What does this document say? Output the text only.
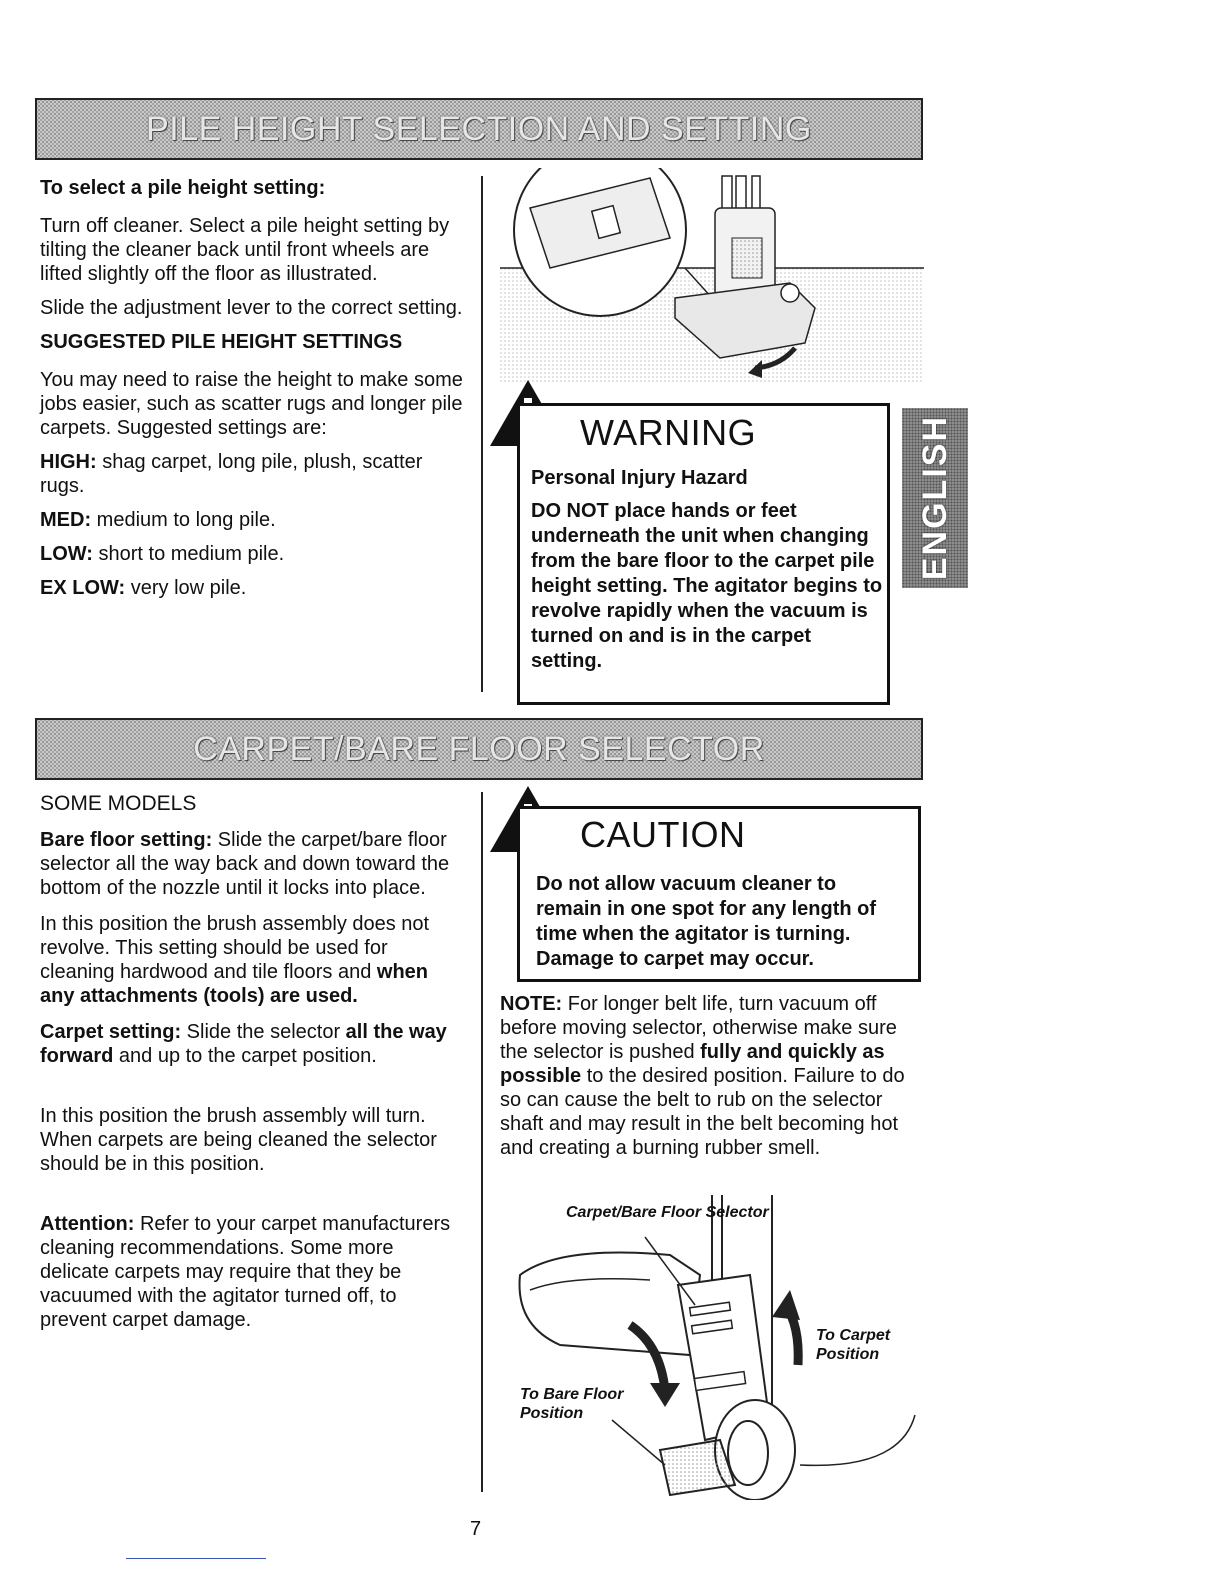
PILE HEIGHT SELECTION AND SETTING

To select a pile height setting:

Turn off cleaner. Select a pile height setting by tilting the cleaner back until front wheels are lifted slightly off the floor as illustrated.

Slide the adjustment lever to the correct setting.

SUGGESTED PILE HEIGHT SETTINGS

You may need to raise the height to make some jobs easier, such as scatter rugs and longer pile carpets. Suggested settings are:

HIGH: shag carpet, long pile, plush, scatter rugs.

MED: medium to long pile.

LOW: short to medium pile.

EX LOW: very low pile.

WARNING
Personal Injury Hazard
DO NOT place hands or feet underneath the unit when changing from the bare floor to the carpet pile height setting. The agitator begins to revolve rapidly when the vacuum is turned on and is in the carpet setting.
ENGLISH
CARPET/BARE FLOOR SELECTOR

SOME MODELS

Bare floor setting: Slide the carpet/bare floor selector all the way back and down toward the bottom of the nozzle until it locks into place.

In this position the brush assembly does not revolve. This setting should be used for cleaning hardwood and tile floors and when any attachments (tools) are used.

Carpet setting: Slide the selector all the way forward and up to the carpet position.

In this position the brush assembly will turn. When carpets are being cleaned the selector should be in this position.

Attention: Refer to your carpet manufacturers cleaning recommendations. Some more delicate carpets may require that they be vacuumed with the agitator turned off, to prevent carpet damage.

CAUTION
Do not allow vacuum cleaner to remain in one spot for any length of time when the agitator is turning. Damage to carpet may occur.
NOTE: For longer belt life, turn vacuum off before moving selector, otherwise make sure the selector is pushed fully and quickly as possible to the desired position. Failure to do so can cause the belt to rub on the selector shaft and may result in the belt becoming hot and creating a burning rubber smell.
Carpet/Bare Floor Selector
To Carpet Position
To Bare Floor Position
7
